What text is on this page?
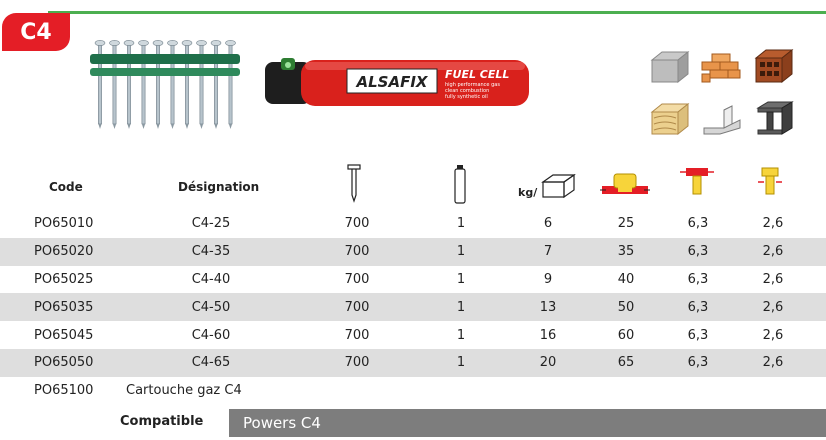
C4
ALSAFIX FUEL CELL
high performance gas
clean combustion
fully synthetic oil
Code	Désignation	kg/
PO65010	C4-25	700	1	6	25	6,3	2,6
PO65020	C4-35	700	1	7	35	6,3	2,6
PO65025	C4-40	700	1	9	40	6,3	2,6
PO65035	C4-50	700	1	13	50	6,3	2,6
PO65045	C4-60	700	1	16	60	6,3	2,6
PO65050	C4-65	700	1	20	65	6,3	2,6
PO65100	Cartouche gaz C4
Compatible	Powers C4
